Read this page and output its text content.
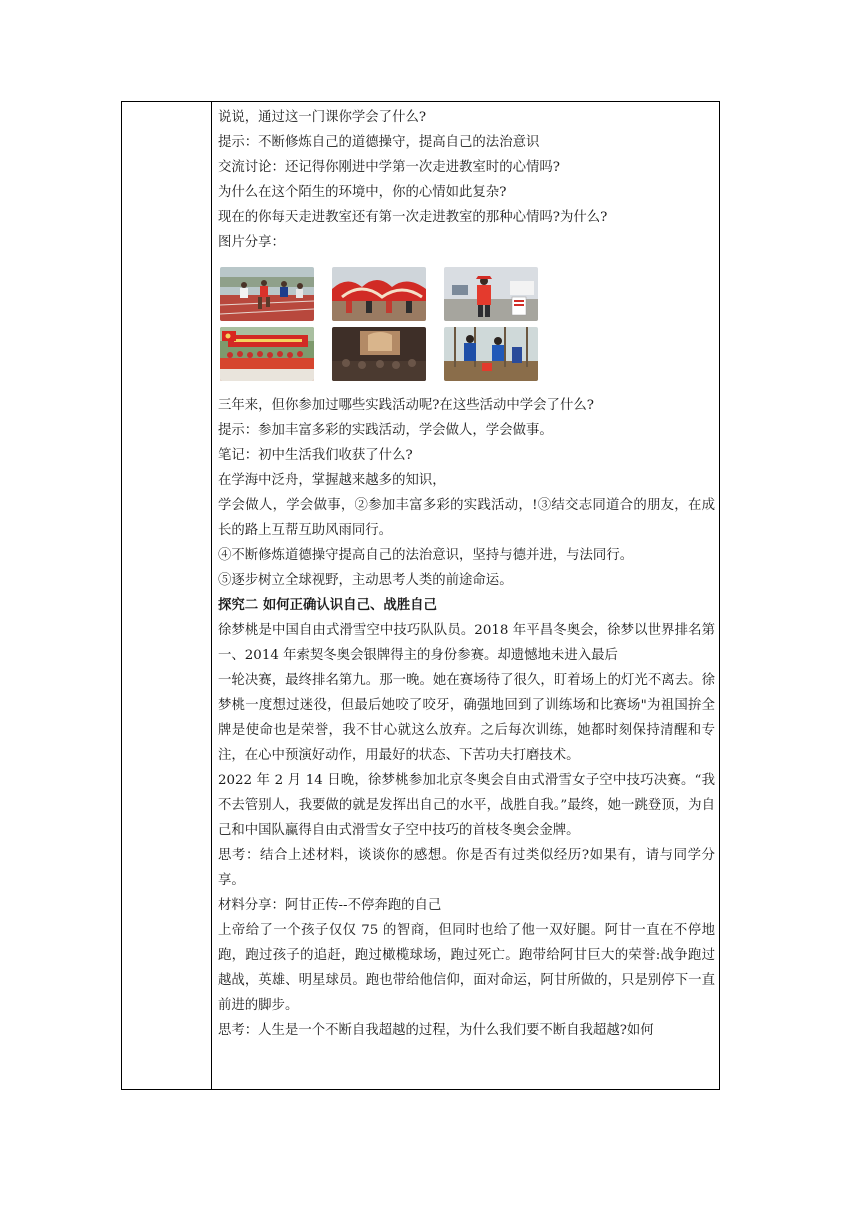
说说，通过这一门课你学会了什么?

提示：不断修炼自己的道德操守，提高自己的法治意识

交流讨论：还记得你刚进中学第一次走进教室时的心情吗?

为什么在这个陌生的环境中，你的心情如此复杂?

现在的你每天走进教室还有第一次走进教室的那种心情吗?为什么?

图片分享：

三年来，但你参加过哪些实践活动呢?在这些活动中学会了什么?

提示：参加丰富多彩的实践活动，学会做人，学会做事。

笔记：初中生活我们收获了什么?

在学海中泛舟，掌握越来越多的知识，

学会做人，学会做事，②参加丰富多彩的实践活动，!③结交志同道合的朋友，在成长的路上互帮互助风雨同行。

④不断修炼道德操守提高自己的法治意识，坚持与德并进，与法同行。

⑤逐步树立全球视野，主动思考人类的前途命运。

探究二 如何正确认识自己、战胜自己

徐梦桃是中国自由式滑雪空中技巧队队员。2018 年平昌冬奥会，徐梦以世界排名第一、2014 年索契冬奥会银牌得主的身份参赛。却遗憾地未进入最后

一轮决赛，最终排名第九。那一晚。她在赛场待了很久，盯着场上的灯光不离去。徐梦桃一度想过迷役，但最后她咬了咬牙，确强地回到了训练场和比赛场"为祖国拚全牌是使命也是荣誉，我不甘心就这么放弃。之后每次训练，她都时刻保持清醒和专注，在心中预演好动作，用最好的状态、下苦功夫打磨技术。

2022 年 2 月 14 日晚，徐梦桃参加北京冬奥会自由式滑雪女子空中技巧决赛。“我不去管别人，我要做的就是发挥出自己的水平，战胜自我。”最终，她一跳登顶，为自己和中国队赢得自由式滑雪女子空中技巧的首枝冬奥会金牌。

思考：结合上述材料，谈谈你的感想。你是否有过类似经历?如果有，请与同学分享。

材料分享：阿甘正传--不停奔跑的自己

上帝给了一个孩子仅仅 75 的智商，但同时也给了他一双好腿。阿甘一直在不停地跑，跑过孩子的追赶，跑过橄榄球场，跑过死亡。跑带给阿甘巨大的荣誉:战争跑过越战，英雄、明星球员。跑也带给他信仰，面对命运，阿甘所做的，只是别停下一直前进的脚步。

思考：人生是一个不断自我超越的过程，为什么我们要不断自我超越?如何
